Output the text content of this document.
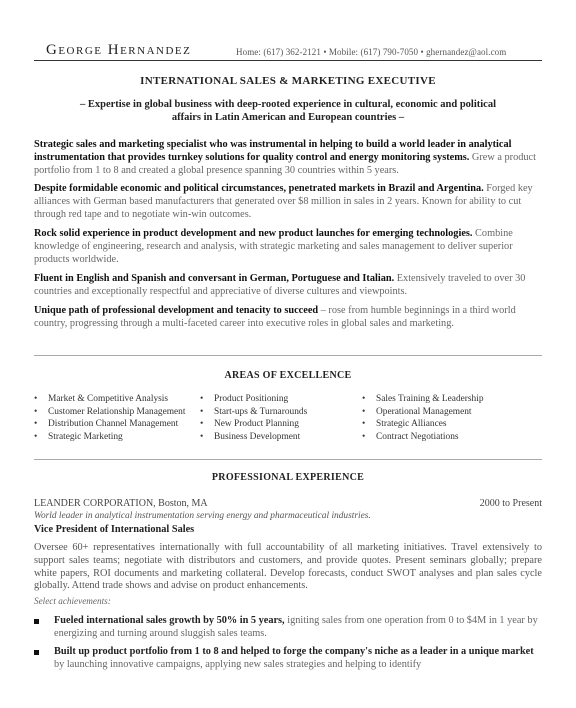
George Hernandez	Home: (617) 362-2121 • Mobile: (617) 790-7050 • ghernandez@aol.com
INTERNATIONAL SALES & MARKETING EXECUTIVE
– Expertise in global business with deep-rooted experience in cultural, economic and political
affairs in Latin American and European countries –
Strategic sales and marketing specialist who was instrumental in helping to build a world leader in analytical instrumentation that provides turnkey solutions for quality control and energy monitoring systems. Grew a product portfolio from 1 to 8 and created a global presence spanning 30 countries within 5 years.
Despite formidable economic and political circumstances, penetrated markets in Brazil and Argentina. Forged key alliances with German based manufacturers that generated over $8 million in sales in 2 years. Known for ability to cut through red tape and to negotiate win-win outcomes.
Rock solid experience in product development and new product launches for emerging technologies. Combine knowledge of engineering, research and analysis, with strategic marketing and sales management to deliver superior products worldwide.
Fluent in English and Spanish and conversant in German, Portuguese and Italian. Extensively traveled to over 30 countries and exceptionally respectful and appreciative of diverse cultures and viewpoints.
Unique path of professional development and tenacity to succeed – rose from humble beginnings in a third world country, progressing through a multi-faceted career into executive roles in global sales and marketing.
AREAS OF EXCELLENCE
• Market & Competitive Analysis
• Customer Relationship Management
• Distribution Channel Management
• Strategic Marketing
• Product Positioning
• Start-ups & Turnarounds
• New Product Planning
• Business Development
• Sales Training & Leadership
• Operational Management
• Strategic Alliances
• Contract Negotiations
PROFESSIONAL EXPERIENCE
LEANDER CORPORATION, Boston, MA	2000 to Present
World leader in analytical instrumentation serving energy and pharmaceutical industries.
Vice President of International Sales
Oversee 60+ representatives internationally with full accountability of all marketing initiatives. Travel extensively to support sales teams; negotiate with distributors and customers, and provide quotes. Present seminars globally; prepare white papers, ROI documents and marketing collateral. Develop forecasts, conduct SWOT analyses and plan sales cycle globally. Attend trade shows and advise on product enhancements.
Select achievements:
Fueled international sales growth by 50% in 5 years, igniting sales from one operation from 0 to $4M in 1 year by energizing and turning around sluggish sales teams.
Built up product portfolio from 1 to 8 and helped to forge the company's niche as a leader in a unique market by launching innovative campaigns, applying new sales strategies and helping to identify
